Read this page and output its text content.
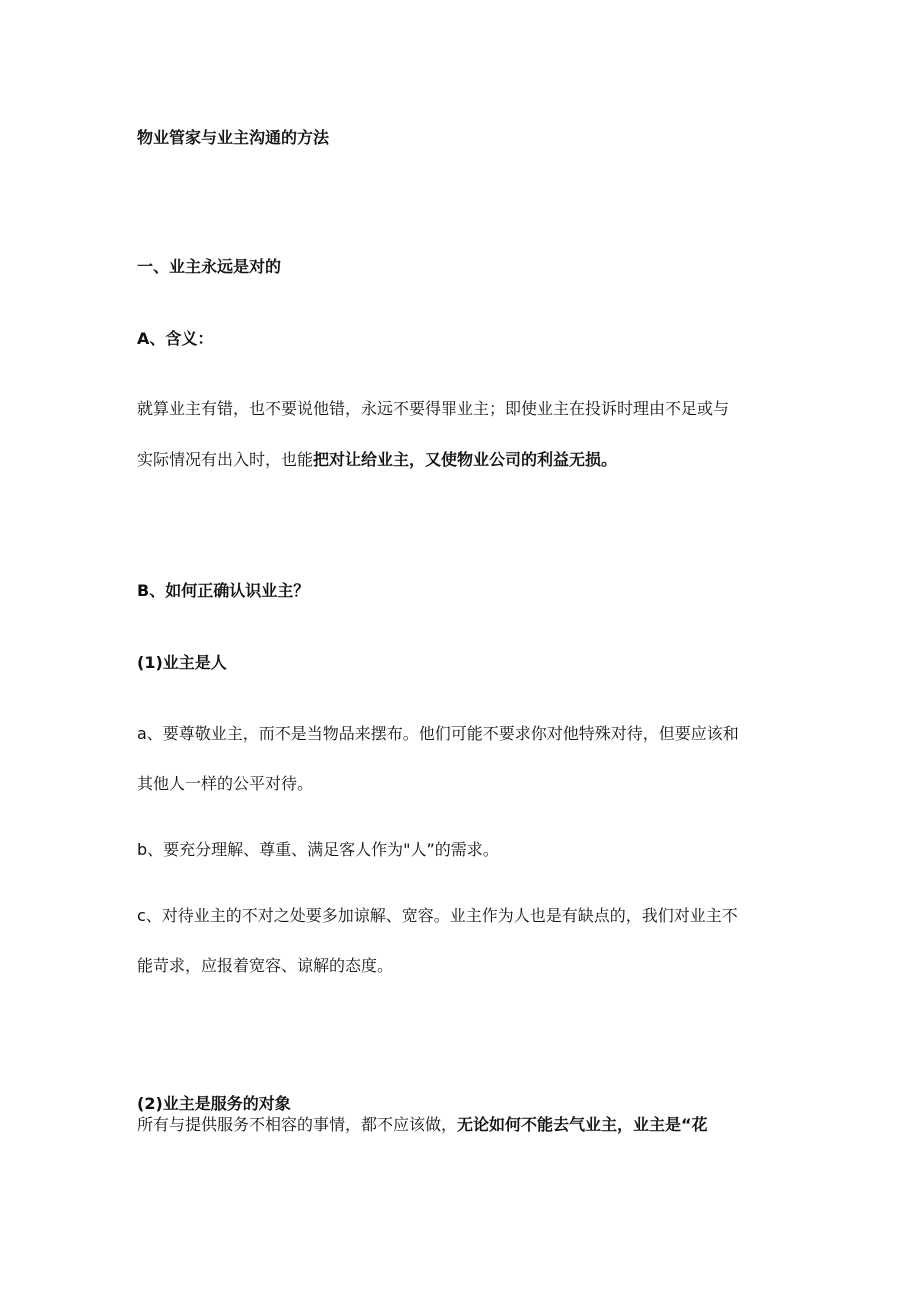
物业管家与业主沟通的方法
一、业主永远是对的
A、含义：
就算业主有错，也不要说他错，永远不要得罪业主；即使业主在投诉时理由不足或与
实际情况有出入时，也能把对让给业主，又使物业公司的利益无损。
B、如何正确认识业主？
(1)业主是人
a、要尊敬业主，而不是当物品来摆布。他们可能不要求你对他特殊对待，但要应该和
其他人一样的公平对待。
b、要充分理解、尊重、满足客人作为"人”的需求。
c、对待业主的不对之处要多加谅解、宽容。业主作为人也是有缺点的，我们对业主不
能苛求，应报着宽容、谅解的态度。
(2)业主是服务的对象
所有与提供服务不相容的事情，都不应该做，无论如何不能去气业主，业主是“花
